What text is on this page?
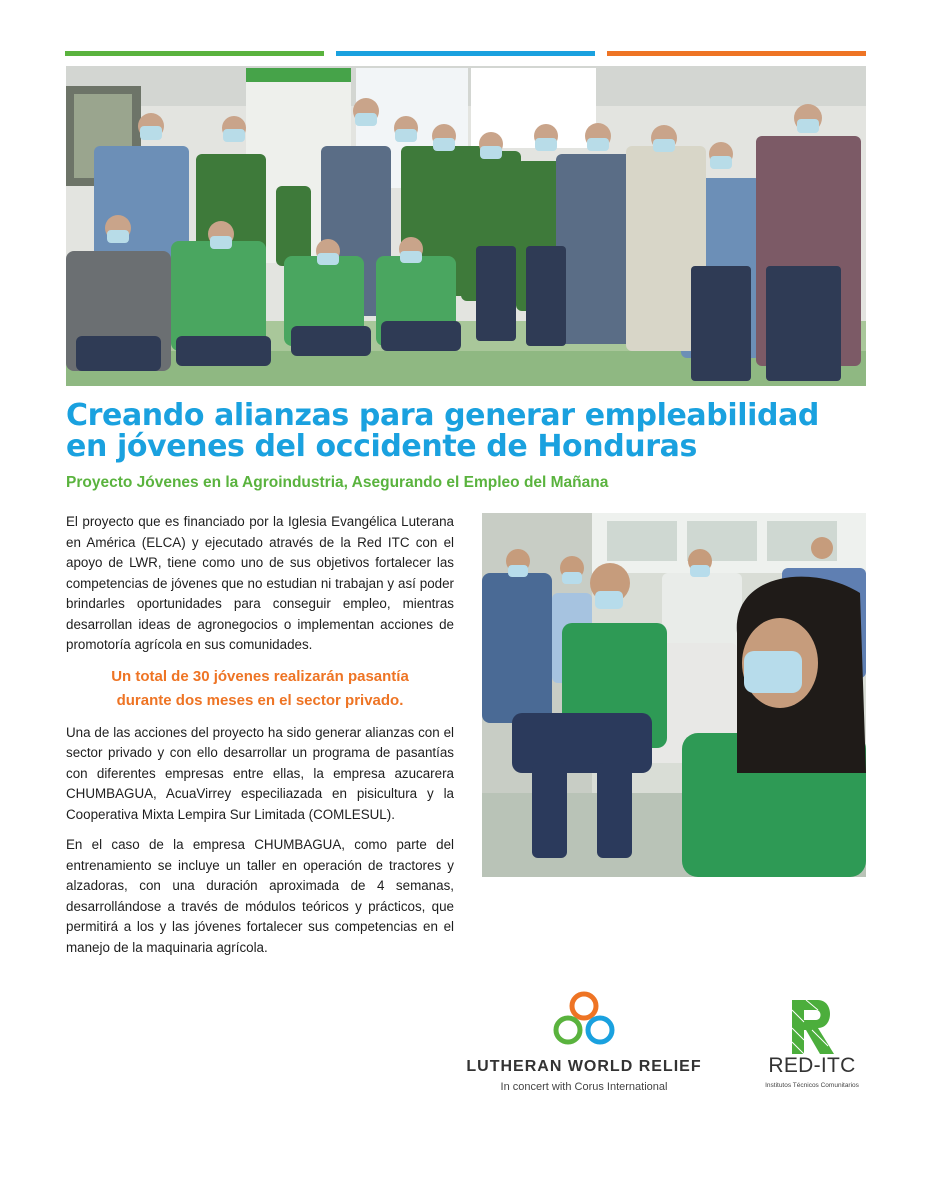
Creando alianzas para generar empleabilidad
en jóvenes del occidente de Honduras
Proyecto Jóvenes en la Agroindustria, Asegurando el Empleo del Mañana

El proyecto que es financiado por la Iglesia Evangélica Luterana en América (ELCA) y ejecutado através de la Red ITC con el apoyo de LWR, tiene como uno de sus objetivos fortalecer las competencias de jóvenes que no estudian ni trabajan y así poder brindarles oportunidades para conseguir empleo, mientras desarrollan ideas de agronegocios o implementan acciones de promotoría agrícola en sus comunidades.

Un total de 30 jóvenes realizarán pasantía
durante dos meses en el sector privado.

Una de las acciones del proyecto ha sido generar alianzas con el sector privado y con ello desarrollar un programa de pasantías con diferentes empresas entre ellas, la empresa azucarera CHUMBAGUA, AcuaVirrey especiliazada en pisicultura y la Cooperativa Mixta Lempira Sur Limitada (COMLESUL).

En el caso de la empresa CHUMBAGUA, como parte del entrenamiento se incluye un taller en operación de tractores y alzadoras, con una duración aproximada de 4 semanas, desarrollándose a través de módulos teóricos y prácticos, que permitirá a los y las jóvenes fortalecer sus competencias en el manejo de la maquinaria agrícola.

LUTHERAN WORLD RELIEF
In concert with Corus International
RED-ITC
Institutos Técnicos Comunitarios
